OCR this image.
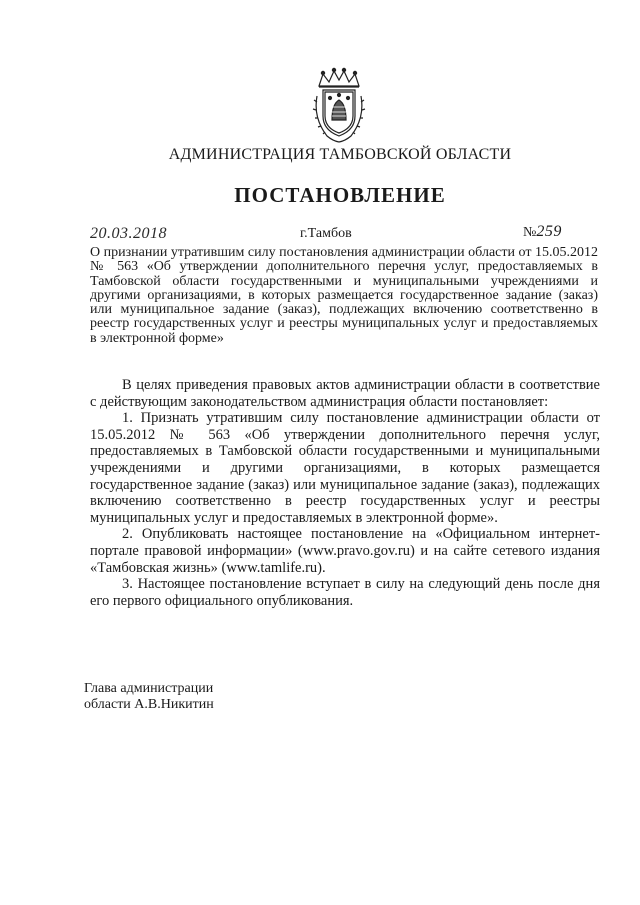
АДМИНИСТРАЦИЯ ТАМБОВСКОЙ ОБЛАСТИ
ПОСТАНОВЛЕНИЕ
20.03.2018	г.Тамбов	№259
О признании утратившим силу постановления администрации области от 15.05.2012 № 563 «Об утверждении дополнительного перечня услуг, предоставляемых в Тамбовской области государственными и муниципальными учреждениями и другими организациями, в которых размещается государственное задание (заказ) или муниципальное задание (заказ), подлежащих включению соответственно в реестр государственных услуг и реестры муниципальных услуг и предоставляемых в электронной форме»

В целях приведения правовых актов администрации области в соответствие с действующим законодательством администрация области постановляет:

1. Признать утратившим силу постановление администрации области от 15.05.2012 № 563 «Об утверждении дополнительного перечня услуг, предоставляемых в Тамбовской области государственными и муниципальными учреждениями и другими организациями, в которых размещается государственное задание (заказ) или муниципальное задание (заказ), подлежащих включению соответственно в реестр государственных услуг и реестры муниципальных услуг и предоставляемых в электронной форме».

2. Опубликовать настоящее постановление на «Официальном интернет-портале правовой информации» (www.pravo.gov.ru) и на сайте сетевого издания «Тамбовская жизнь» (www.tamlife.ru).

3. Настоящее постановление вступает в силу на следующий день после дня его первого официального опубликования.

Глава администрации
области А.В.Никитин
